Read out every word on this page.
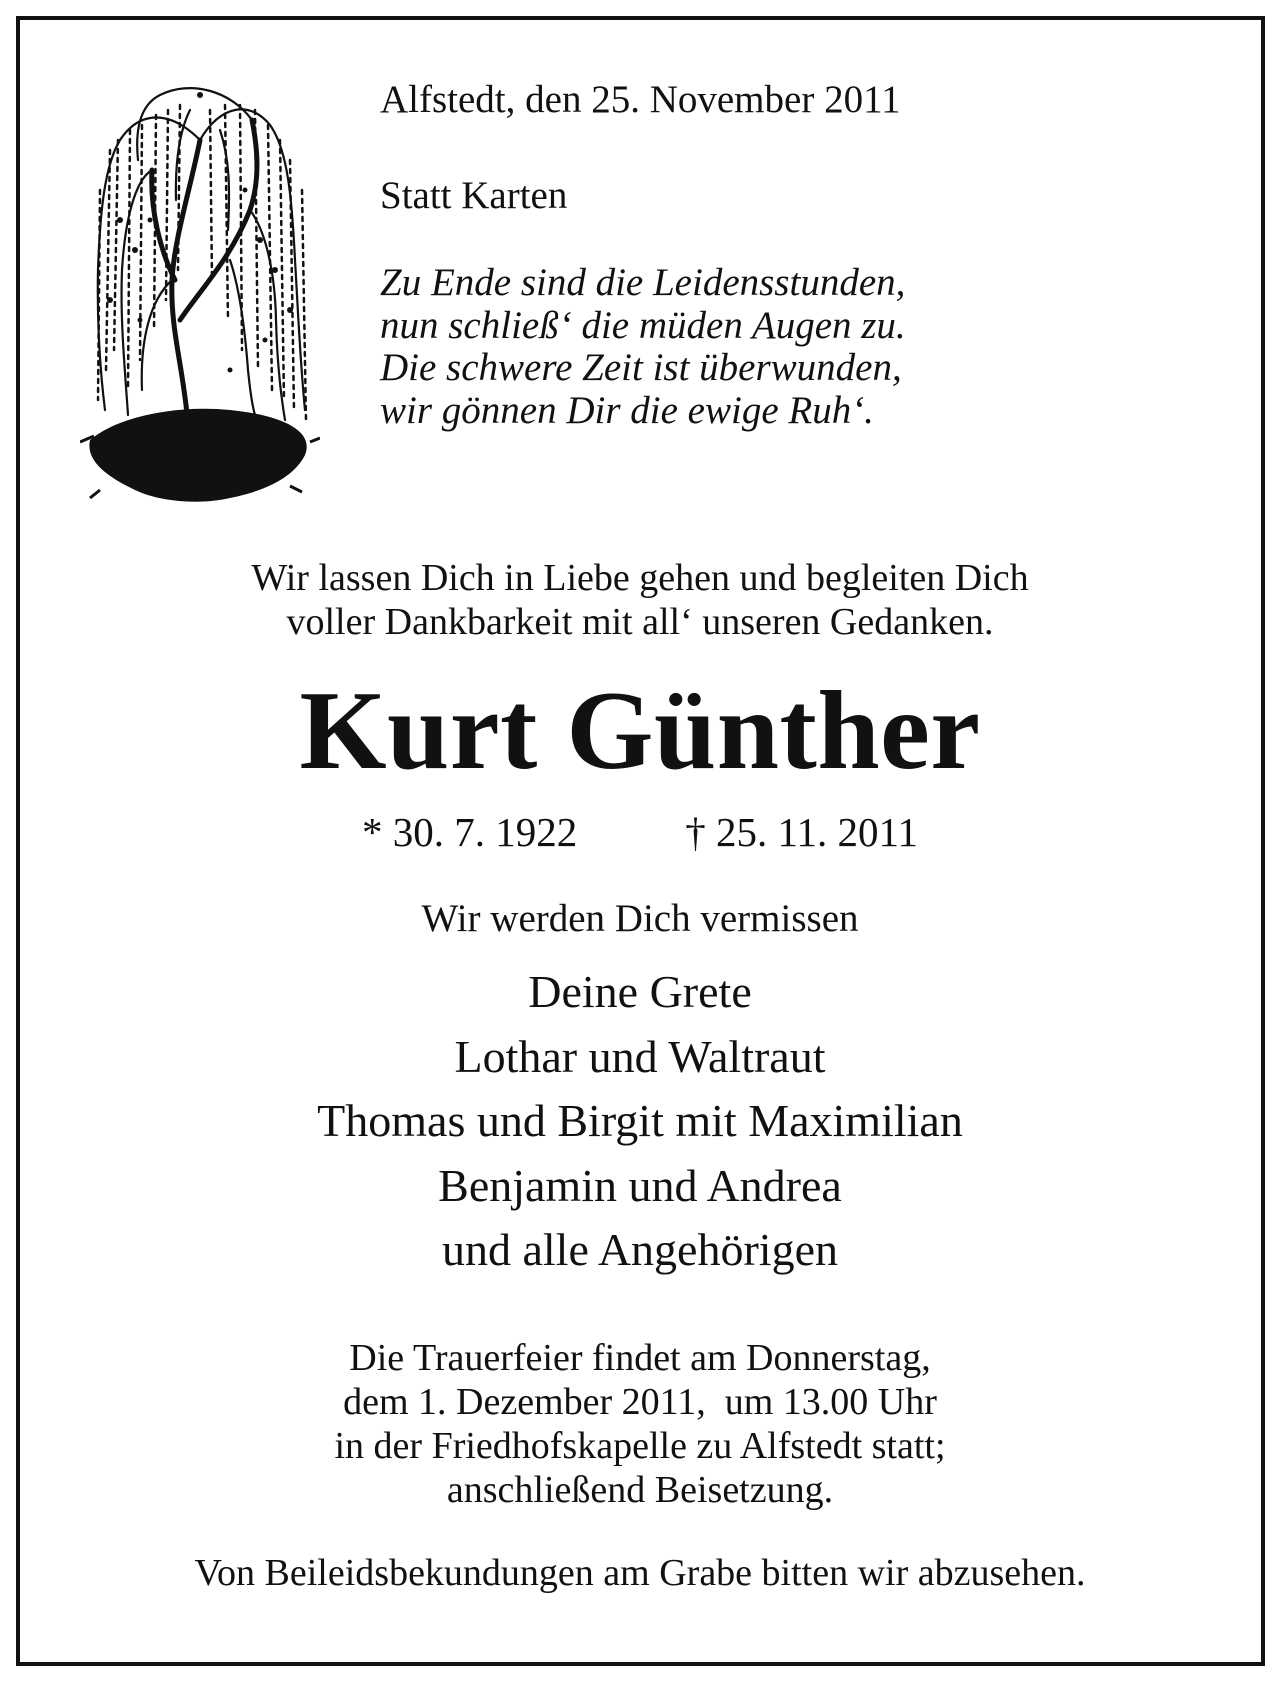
Alfstedt, den 25. November 2011

Statt Karten

Zu Ende sind die Leidensstunden,

nun schließ‘ die müden Augen zu.

Die schwere Zeit ist überwunden,

wir gönnen Dir die ewige Ruh‘.

Wir lassen Dich in Liebe gehen und begleiten Dich

voller Dankbarkeit mit all‘ unseren Gedanken.

Kurt Günther
* 30. 7. 1922	† 25. 11. 2011
Wir werden Dich vermissen

Deine Grete

Lothar und Waltraut

Thomas und Birgit mit Maximilian

Benjamin und Andrea

und alle Angehörigen

Die Trauerfeier findet am Donnerstag,

dem 1. Dezember 2011,  um 13.00 Uhr

in der Friedhofskapelle zu Alfstedt statt;

anschließend Beisetzung.

Von Beileidsbekundungen am Grabe bitten wir abzusehen.
